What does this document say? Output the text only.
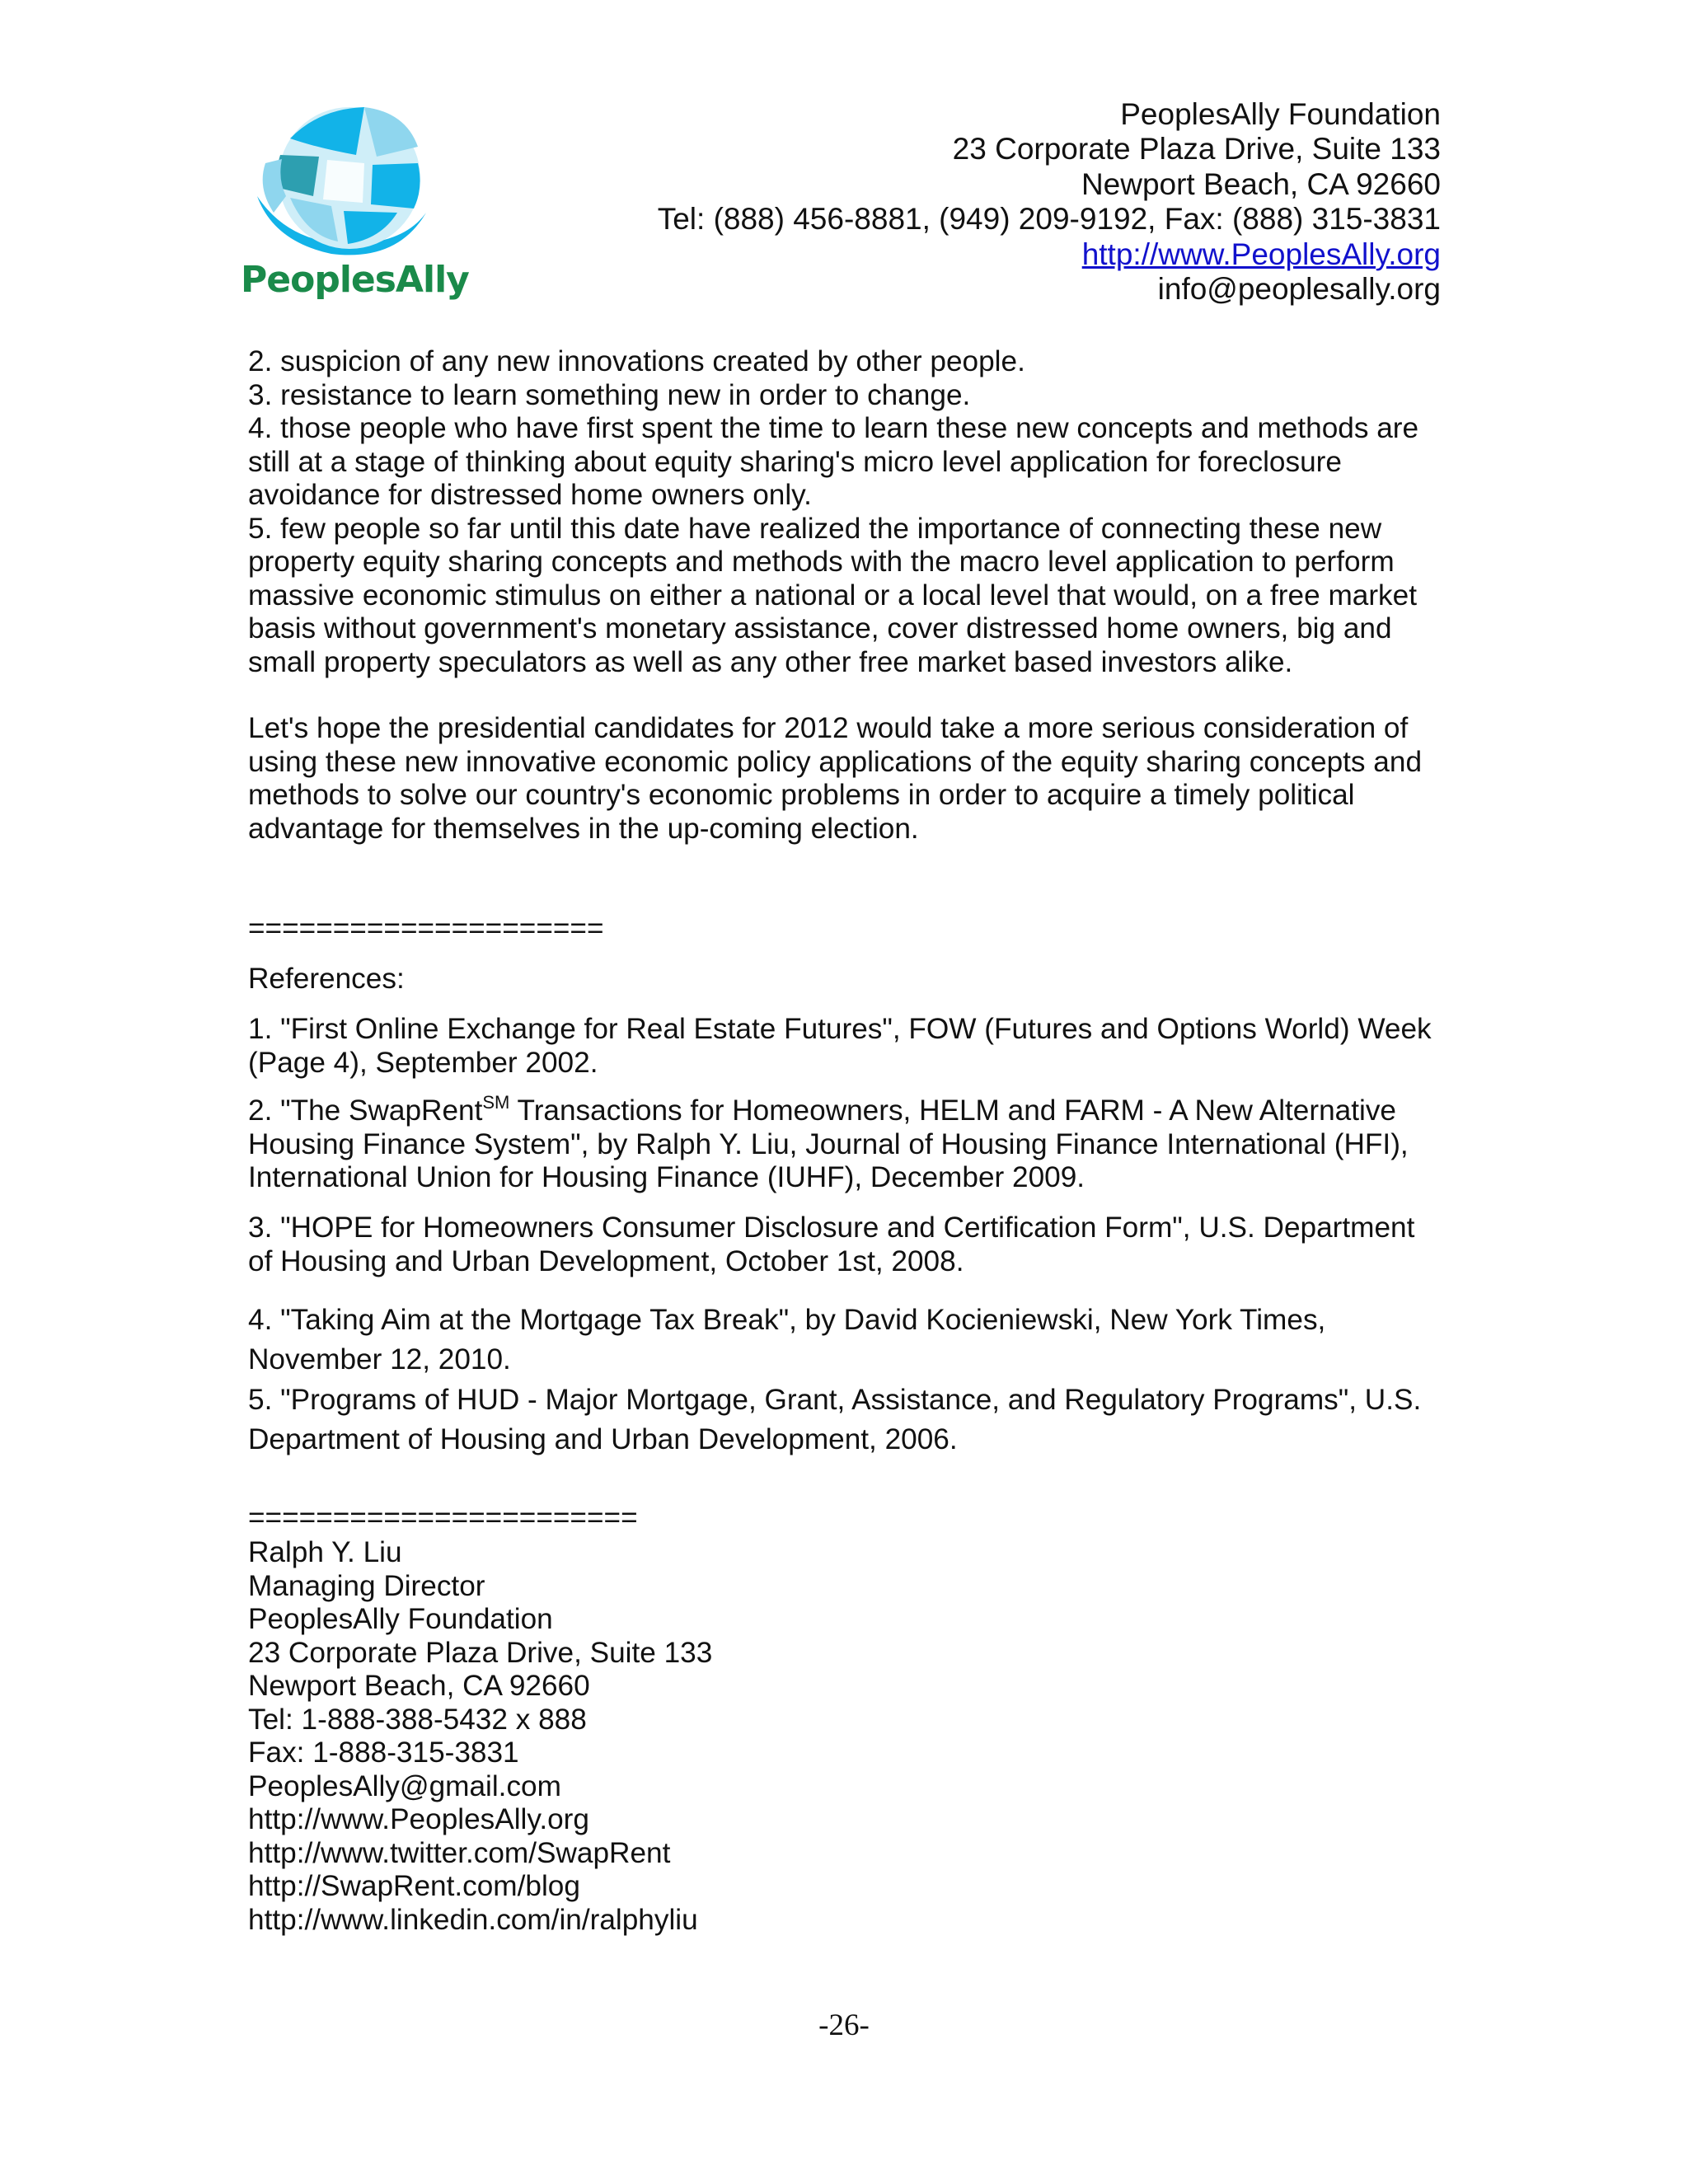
PeoplesAlly
PeoplesAlly Foundation
23 Corporate Plaza Drive, Suite 133
Newport Beach, CA 92660
Tel: (888) 456-8881, (949) 209-9192, Fax: (888) 315-3831
http://www.PeoplesAlly.org
info@peoplesally.org
2. suspicion of any new innovations created by other people.
3. resistance to learn something new in order to change.
4. those people who have first spent the time to learn these new concepts and methods are
still at a stage of thinking about equity sharing's micro level application for foreclosure
avoidance for distressed home owners only.
5. few people so far until this date have realized the importance of connecting these new
property equity sharing concepts and methods with the macro level application to perform
massive economic stimulus on either a national or a local level that would, on a free market
basis without government's monetary assistance, cover distressed home owners, big and
small property speculators as well as any other free market based investors alike.
Let's hope the presidential candidates for 2012 would take a more serious consideration of
using these new innovative economic policy applications of the equity sharing concepts and
methods to solve our country's economic problems in order to acquire a timely political
advantage for themselves in the up-coming election.
=====================
References:
1. "First Online Exchange for Real Estate Futures", FOW (Futures and Options World) Week
(Page 4), September 2002.
2. "The SwapRent℠ Transactions for Homeowners, HELM and FARM - A New Alternative
Housing Finance System", by Ralph Y. Liu, Journal of Housing Finance International (HFI),
International Union for Housing Finance (IUHF), December 2009.
3. "HOPE for Homeowners Consumer Disclosure and Certification Form", U.S. Department
of Housing and Urban Development, October 1st, 2008.
4. "Taking Aim at the Mortgage Tax Break", by David Kocieniewski, New York Times,
November 12, 2010.
5. "Programs of HUD - Major Mortgage, Grant, Assistance, and Regulatory Programs", U.S.
Department of Housing and Urban Development, 2006.
=======================
Ralph Y. Liu
Managing Director
PeoplesAlly Foundation
23 Corporate Plaza Drive, Suite 133
Newport Beach, CA 92660
Tel: 1-888-388-5432 x 888
Fax: 1-888-315-3831
PeoplesAlly@gmail.com
http://www.PeoplesAlly.org
http://www.twitter.com/SwapRent
http://SwapRent.com/blog
http://www.linkedin.com/in/ralphyliu
-26-
